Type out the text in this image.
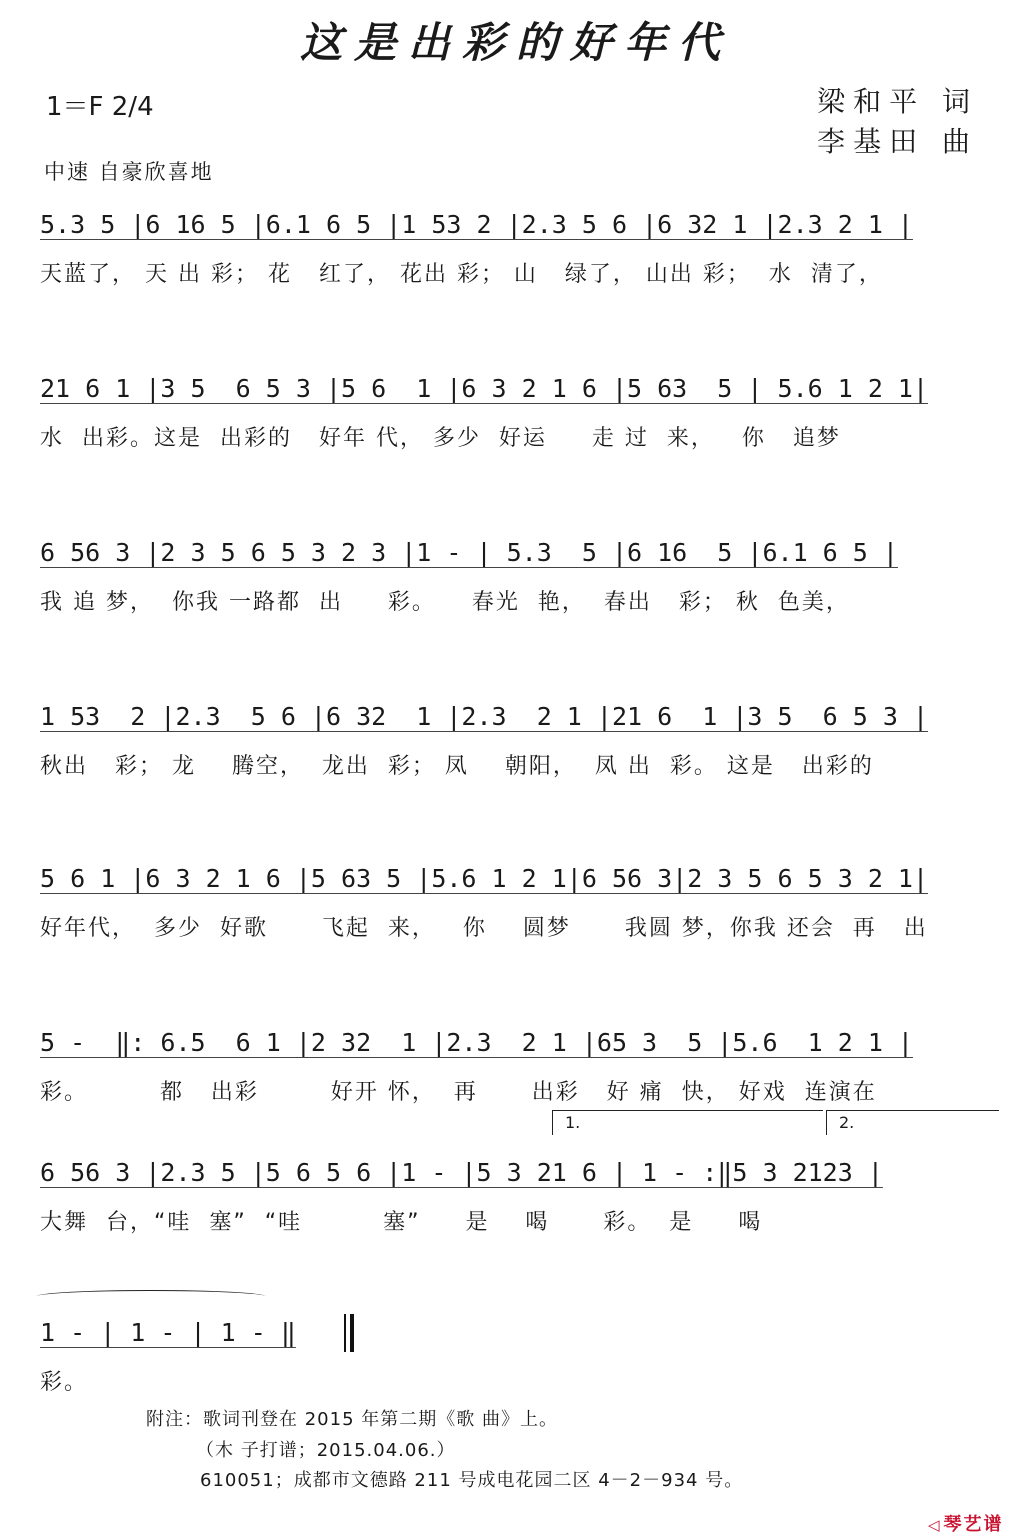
这是出彩的好年代
1＝F 2/4	梁和平 词
李基田 曲
中速 自豪欣喜地
5.3 5 |6 16 5 |6.1 6 5 |1 53 2 |2.3 5 6 |6 32 1 |2.3 2 1 |
天蓝了， 天 出 彩； 花   红了， 花出 彩； 山   绿了， 山出 彩；  水  清了，
21 6 1 |3 5  6 5 3 |5 6  1 |6 3 2 1 6 |5 63  5 | 5.6 1 2 1|
水  出彩。这是  出彩的   好年 代， 多少  好运     走 过  来，   你   追梦
6 56 3 |2 3 5 6 5 3 2 3 |1 - | 5.3  5 |6 16  5 |6.1 6 5 |
我 追 梦，  你我 一路都  出     彩。    春光  艳，  春出   彩； 秋  色美，
1 53  2 |2.3  5 6 |6 32  1 |2.3  2 1 |21 6  1 |3 5  6 5 3 |
秋出   彩； 龙    腾空，  龙出  彩； 凤    朝阳，  凤 出  彩。 这是   出彩的
5 6 1 |6 3 2 1 6 |5 63 5 |5.6 1 2 1|6 56 3|2 3 5 6 5 3 2 1|
好年代，  多少  好歌      飞起  来，   你    圆梦      我圆 梦，你我 还会  再   出
5 -  ‖: 6.5  6 1 |2 32  1 |2.3  2 1 |65 3  5 |5.6  1 2 1 |
彩。        都   出彩        好开 怀，  再      出彩   好 痛  快， 好戏  连演在
1.	2.
6 56 3 |2.3 5 |5 6 5 6 |1 - |5 3 21 6 | 1 - :‖5 3 2123 |
大舞  台，“哇  塞”  “哇         塞”     是    喝      彩。  是     喝
1 - | 1 - | 1 - ‖
彩。
附注：歌词刊登在 2015 年第二期《歌 曲》上。
（木 子打谱；2015.04.06.）
610051；成都市文德路 211 号成电花园二区 4－2－934 号。
◁ 琴艺谱
